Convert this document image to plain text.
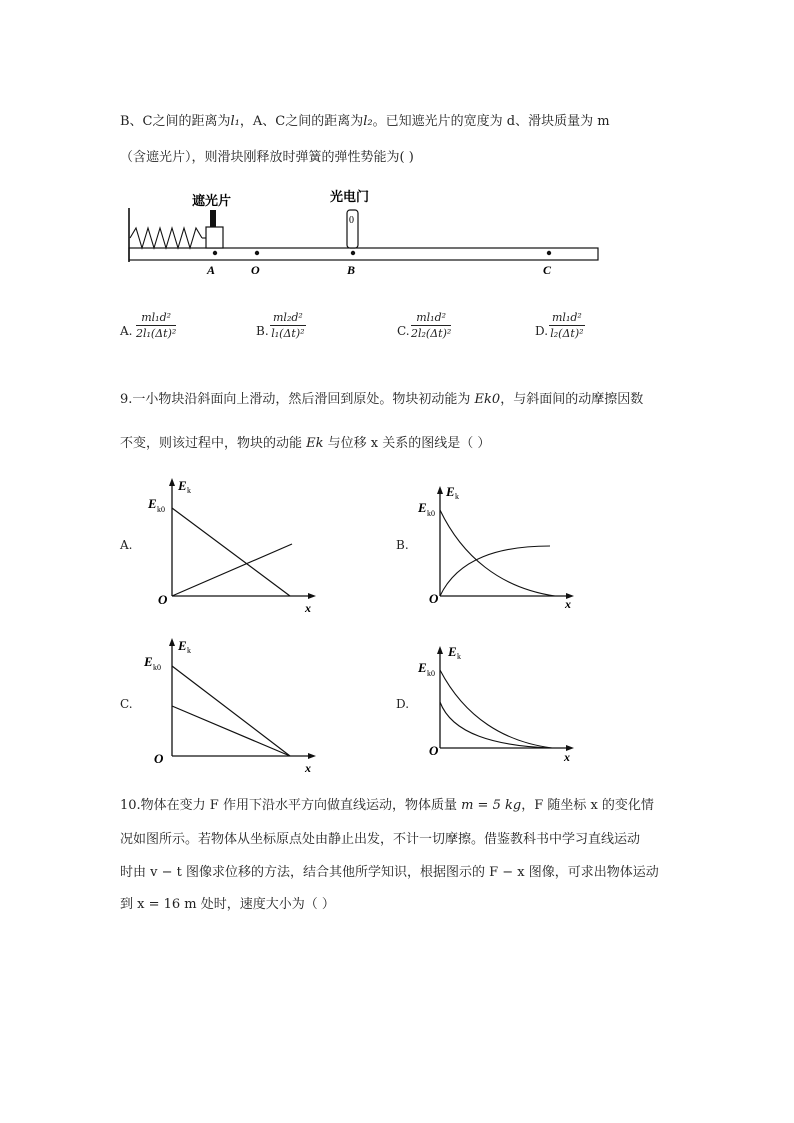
B、C之间的距离为l₁，A、C之间的距离为l₂。已知遮光片的宽度为 d、滑块质量为 m
（含遮光片），则滑块刚释放时弹簧的弹性势能为( )
遮光片
0
光电门
A	O	B	C
A.
ml₁d²
2l₁(Δt)²	B.
ml₂d²
l₁(Δt)²	C.
ml₁d²
2l₂(Δt)²	D.
ml₁d²
l₂(Δt)²
9.一小物块沿斜面向上滑动，然后滑回到原处。物块初动能为 Ek0，与斜面间的动摩擦因数
不变，则该过程中，物块的动能 Ek 与位移 x 关系的图线是（ ）
A.	B.
C.	D.
E k
E k0
O
x
E k
E k0
O	x
E k
E k0
O
x
E k
E k0
O	x
10.物体在变力 F 作用下沿水平方向做直线运动，物体质量 m = 5 kg，F 随坐标 x 的变化情
况如图所示。若物体从坐标原点处由静止出发，不计一切摩擦。借鉴教科书中学习直线运动
时由 v − t 图像求位移的方法，结合其他所学知识，根据图示的 F − x 图像，可求出物体运动
到 x = 16 m 处时，速度大小为（ ）
